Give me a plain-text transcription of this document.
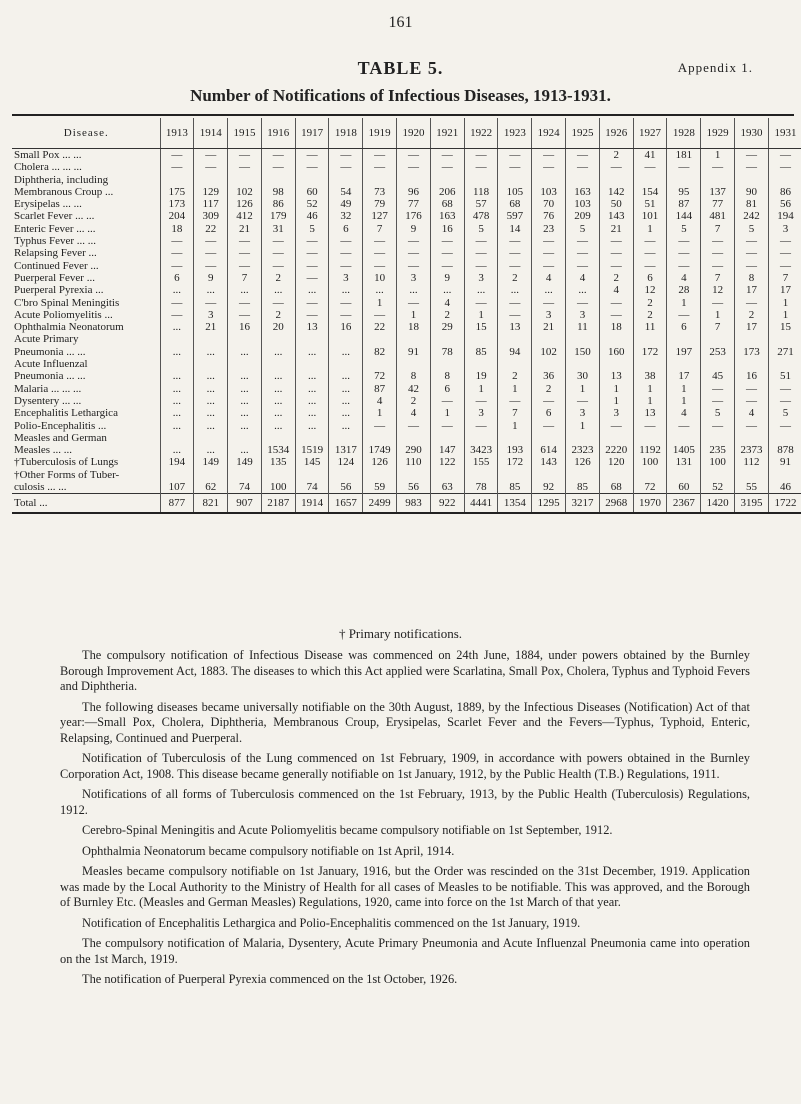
161
TABLE 5.	Appendix 1.
Number of Notifications of Infectious Diseases, 1913-1931.
Disease.	1913	1914	1915	1916	1917	1918	1919	1920	1921	1922	1923	1924	1925	1926	1927	1928	1929	1930	1931
Small Pox ... ...	—	—	—	—	—	—	—	—	—	—	—	—	—	2	41	181	1	—	—
Cholera ... ... ...	—	—	—	—	—	—	—	—	—	—	—	—	—	—	—	—	—	—	—
Diphtheria, including																			
Membranous Croup ...	175	129	102	98	60	54	73	96	206	118	105	103	163	142	154	95	137	90	86
Erysipelas ... ...	173	117	126	86	52	49	79	77	68	57	68	70	103	50	51	87	77	81	56
Scarlet Fever ... ...	204	309	412	179	46	32	127	176	163	478	597	76	209	143	101	144	481	242	194
Enteric Fever ... ...	18	22	21	31	5	6	7	9	16	5	14	23	5	21	1	5	7	5	3
Typhus Fever ... ...	—	—	—	—	—	—	—	—	—	—	—	—	—	—	—	—	—	—	—
Relapsing Fever ...	—	—	—	—	—	—	—	—	—	—	—	—	—	—	—	—	—	—	—
Continued Fever ...	—	—	—	—	—	—	—	—	—	—	—	—	—	—	—	—	—	—	—
Puerperal Fever ...	6	9	7	2	—	3	10	3	9	3	2	4	4	2	6	4	7	8	7
Puerperal Pyrexia ...	...	...	...	...	...	...	...	...	...	...	...	...	...	4	12	28	12	17	17
C'bro Spinal Meningitis	—	—	—	—	—	—	1	—	4	—	—	—	—	—	2	1	—	—	1
Acute Poliomyelitis ...	—	3	—	2	—	—	—	1	2	1	—	3	3	—	2	—	1	2	1
Ophthalmia Neonatorum	...	21	16	20	13	16	22	18	29	15	13	21	11	18	11	6	7	17	15
Acute Primary																			
Pneumonia ... ...	...	...	...	...	...	...	82	91	78	85	94	102	150	160	172	197	253	173	271
Acute Influenzal																			
Pneumonia ... ...	...	...	...	...	...	...	72	8	8	19	2	36	30	13	38	17	45	16	51
Malaria ... ... ...	...	...	...	...	...	...	87	42	6	1	1	2	1	1	1	1	—	—	—
Dysentery ... ...	...	...	...	...	...	...	4	2	—	—	—	—	—	1	1	1	—	—	—
Encephalitis Lethargica	...	...	...	...	...	...	1	4	1	3	7	6	3	3	13	4	5	4	5
Polio-Encephalitis ...	...	...	...	...	...	...	—	—	—	—	1	—	1	—	—	—	—	—	—
Measles and German																			
Measles ... ...	...	...	...	1534	1519	1317	1749	290	147	3423	193	614	2323	2220	1192	1405	235	2373	878
†Tuberculosis of Lungs	194	149	149	135	145	124	126	110	122	155	172	143	126	120	100	131	100	112	91
†Other Forms of Tuber-																			
culosis ... ...	107	62	74	100	74	56	59	56	63	78	85	92	85	68	72	60	52	55	46
Total ...	877	821	907	2187	1914	1657	2499	983	922	4441	1354	1295	3217	2968	1970	2367	1420	3195	1722
† Primary notifications.

The compulsory notification of Infectious Disease was commenced on 24th June, 1884, under powers obtained by the Burnley Borough Improvement Act, 1883. The diseases to which this Act applied were Scarlatina, Small Pox, Cholera, Typhus and Typhoid Fevers and Diphtheria.

The following diseases became universally notifiable on the 30th August, 1889, by the Infectious Diseases (Notification) Act of that year:—Small Pox, Cholera, Diphtheria, Membranous Croup, Erysipelas, Scarlet Fever and the Fevers—Typhus, Typhoid, Enteric, Relapsing, Continued and Puerperal.

Notification of Tuberculosis of the Lung commenced on 1st February, 1909, in accordance with powers obtained in the Burnley Corporation Act, 1908. This disease became generally notifiable on 1st January, 1912, by the Public Health (T.B.) Regulations, 1911.

Notifications of all forms of Tuberculosis commenced on the 1st February, 1913, by the Public Health (Tuberculosis) Regulations, 1912.

Cerebro-Spinal Meningitis and Acute Poliomyelitis became compulsory notifiable on 1st September, 1912.

Ophthalmia Neonatorum became compulsory notifiable on 1st April, 1914.

Measles became compulsory notifiable on 1st January, 1916, but the Order was rescinded on the 31st December, 1919. Application was made by the Local Authority to the Ministry of Health for all cases of Measles to be notifiable. This was approved, and the Borough of Burnley Etc. (Measles and German Measles) Regulations, 1920, came into force on the 1st March of that year.

Notification of Encephalitis Lethargica and Polio-Encephalitis commenced on the 1st January, 1919.

The compulsory notification of Malaria, Dysentery, Acute Primary Pneumonia and Acute Influenzal Pneumonia came into operation on the 1st March, 1919.

The notification of Puerperal Pyrexia commenced on the 1st October, 1926.
